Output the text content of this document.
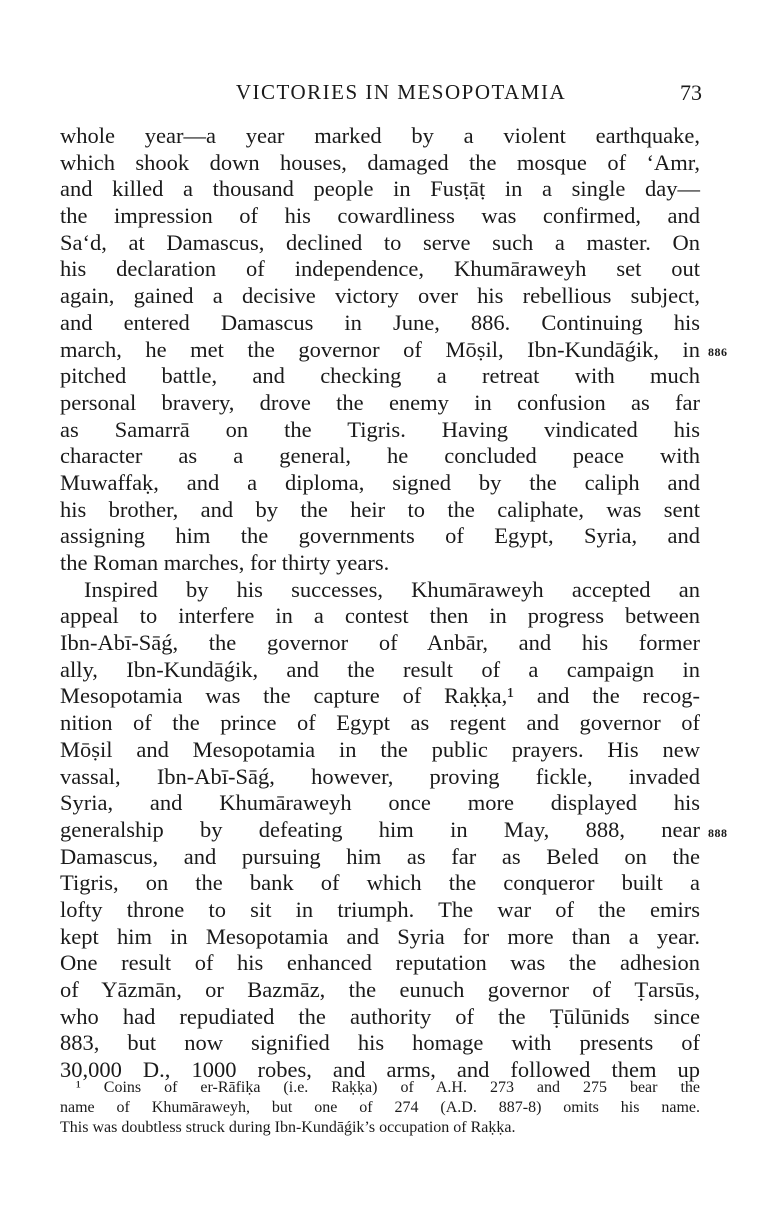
VICTORIES IN MESOPOTAMIA	73
whole year—a year marked by a violent earthquake,
which shook down houses, damaged the mosque of ‘Amr,
and killed a thousand people in Fusṭāṭ in a single day—
the impression of his cowardliness was confirmed, and
Sa‘d, at Damascus, declined to serve such a master. On
his declaration of independence, Khumāraweyh set out
again, gained a decisive victory over his rebellious subject,
and entered Damascus in June, 886. Continuing his
march, he met the governor of Mōṣil, Ibn-Kundāǵik, in 886
pitched battle, and checking a retreat with much
personal bravery, drove the enemy in confusion as far
as Samarrā on the Tigris. Having vindicated his
character as a general, he concluded peace with
Muwaffaḳ, and a diploma, signed by the caliph and
his brother, and by the heir to the caliphate, was sent
assigning him the governments of Egypt, Syria, and
the Roman marches, for thirty years.
Inspired by his successes, Khumāraweyh accepted an
appeal to interfere in a contest then in progress between
Ibn-Abī-Sāǵ, the governor of Anbār, and his former
ally, Ibn-Kundāǵik, and the result of a campaign in
Mesopotamia was the capture of Raḳḳa,¹ and the recog-
nition of the prince of Egypt as regent and governor of
Mōṣil and Mesopotamia in the public prayers. His new
vassal, Ibn-Abī-Sāǵ, however, proving fickle, invaded
Syria, and Khumāraweyh once more displayed his
generalship by defeating him in May, 888, near 888
Damascus, and pursuing him as far as Beled on the
Tigris, on the bank of which the conqueror built a
lofty throne to sit in triumph. The war of the emirs
kept him in Mesopotamia and Syria for more than a year.
One result of his enhanced reputation was the adhesion
of Yāzmān, or Bazmāz, the eunuch governor of Ṭarsūs,
who had repudiated the authority of the Ṭūlūnids since
883, but now signified his homage with presents of
30,000 D., 1000 robes, and arms, and followed them up
¹ Coins of er-Rāfiḳa (i.e. Raḳḳa) of A.H. 273 and 275 bear the
name of Khumāraweyh, but one of 274 (A.D. 887-8) omits his name.
This was doubtless struck during Ibn-Kundāǵik’s occupation of Raḳḳa.
